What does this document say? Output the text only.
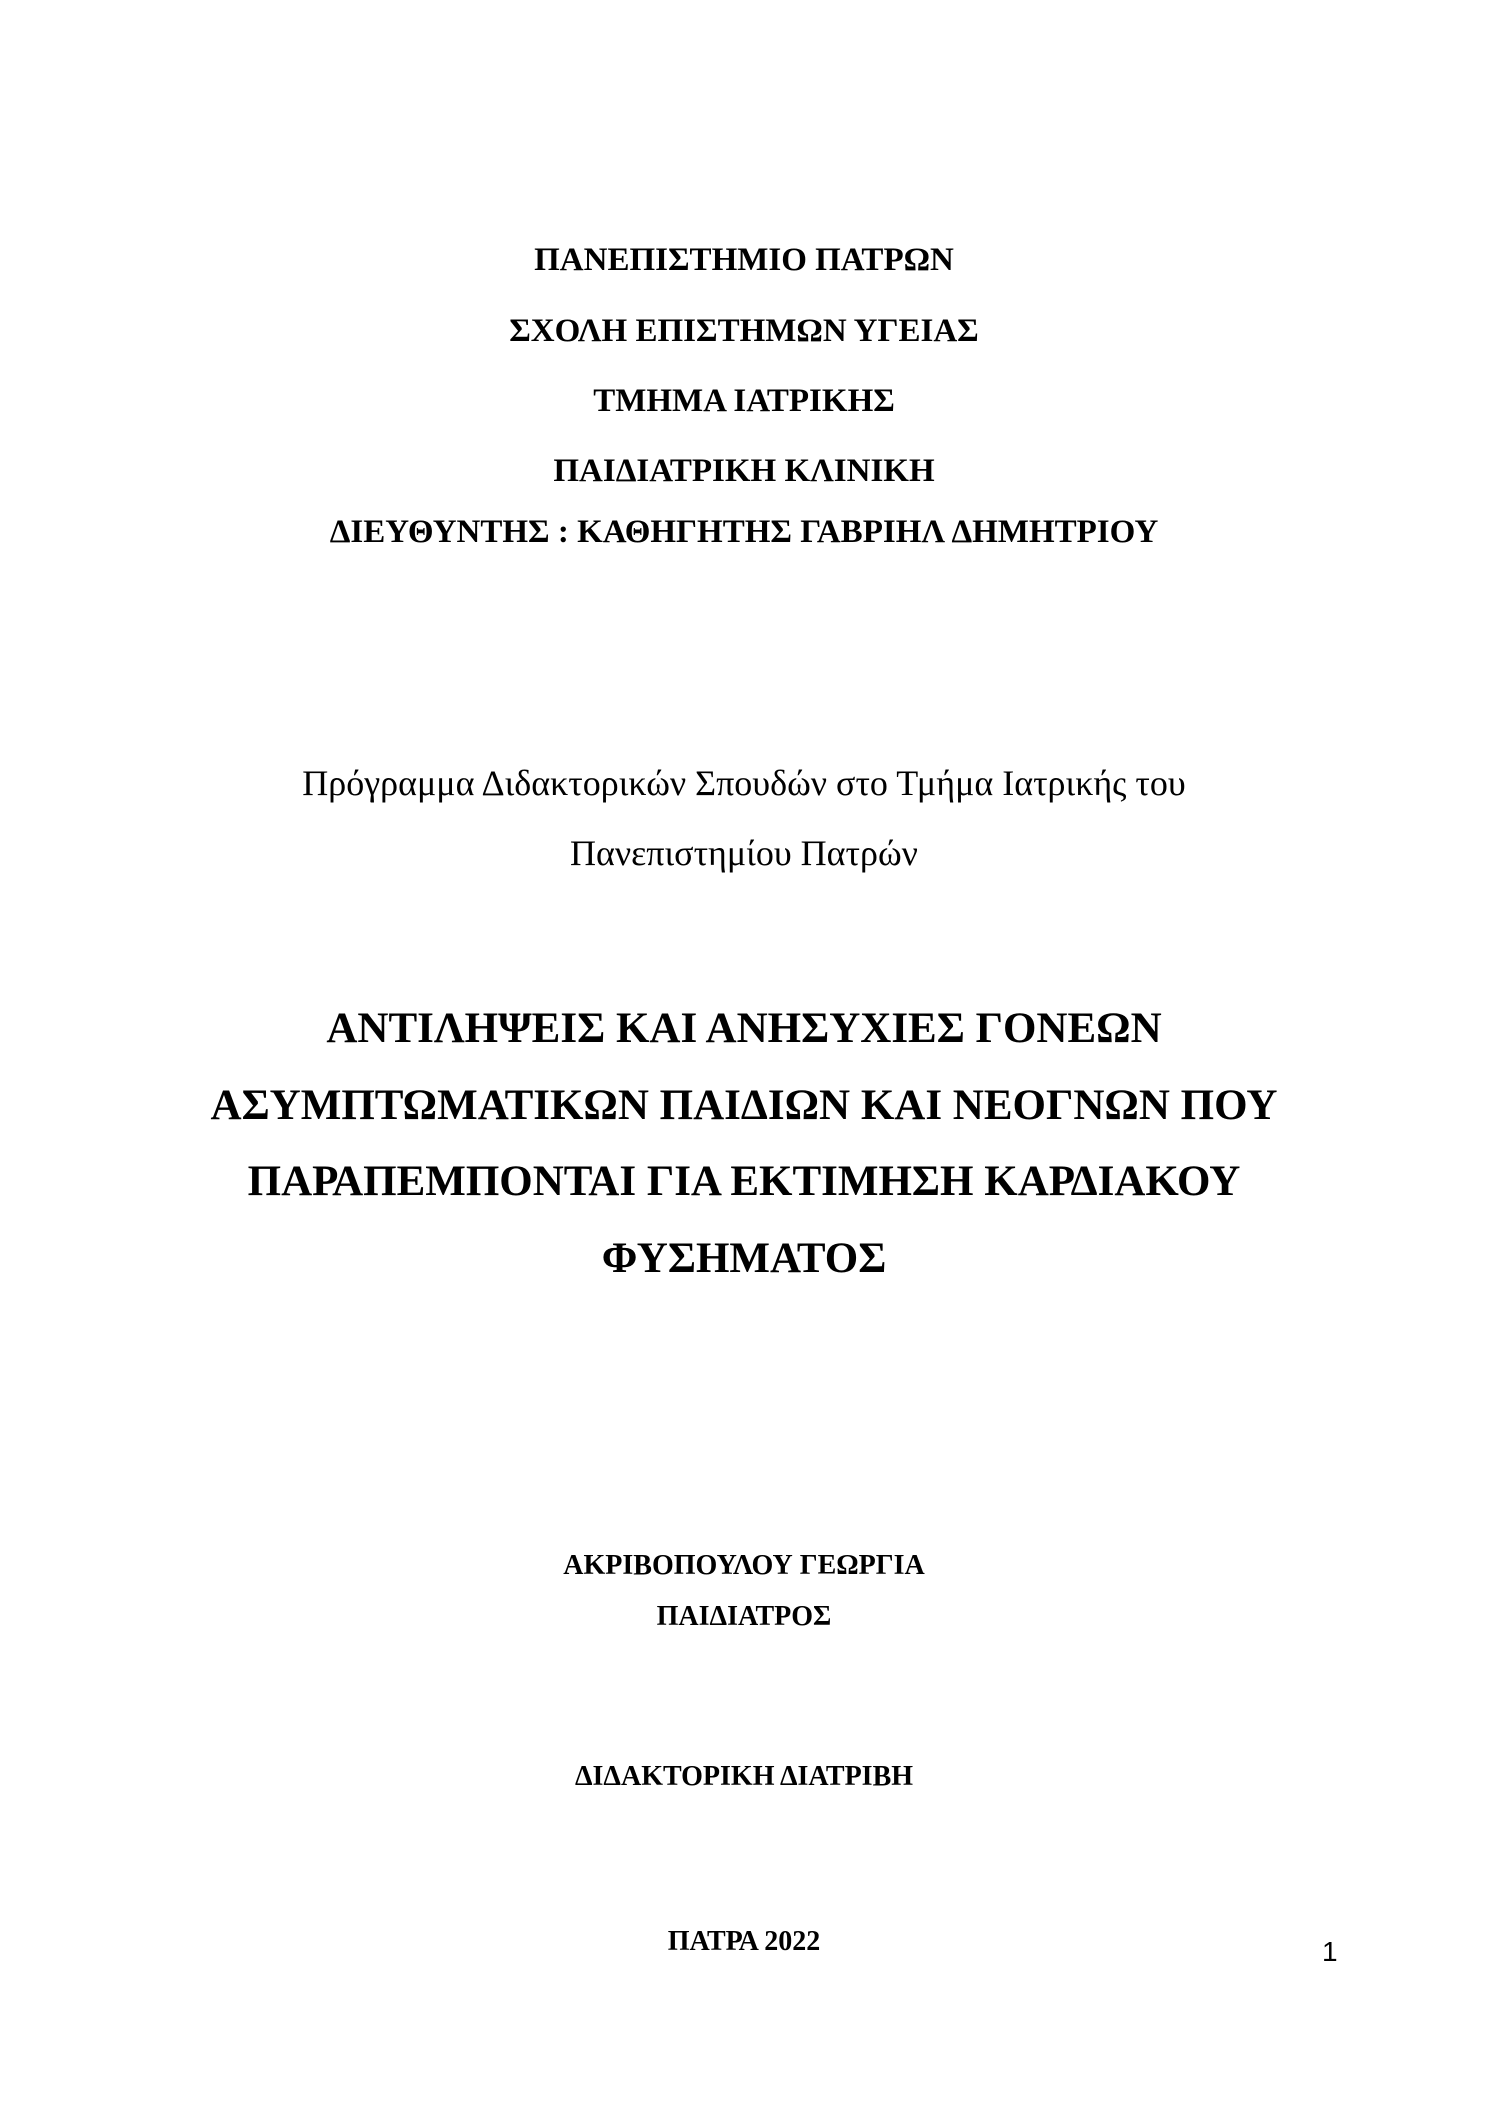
ΠΑΝΕΠΙΣΤΗΜΙΟ ΠΑΤΡΩΝ
ΣΧΟΛΗ ΕΠΙΣΤΗΜΩΝ ΥΓΕΙΑΣ
ΤΜΗΜΑ ΙΑΤΡΙΚΗΣ
ΠΑΙΔΙΑΤΡΙΚΗ ΚΛΙΝΙΚΗ
ΔΙΕΥΘΥΝΤΗΣ : ΚΑΘΗΓΗΤΗΣ ΓΑΒΡΙΗΛ ΔΗΜΗΤΡΙΟΥ
Πρόγραμμα Διδακτορικών Σπουδών στο Τμήμα Ιατρικής του
Πανεπιστημίου Πατρών
ΑΝΤΙΛΗΨΕΙΣ ΚΑΙ ΑΝΗΣΥΧΙΕΣ ΓΟΝΕΩΝ
ΑΣΥΜΠΤΩΜΑΤΙΚΩΝ ΠΑΙΔΙΩΝ ΚΑΙ ΝΕΟΓΝΩΝ ΠΟΥ
ΠΑΡΑΠΕΜΠΟΝΤΑΙ ΓΙΑ ΕΚΤΙΜΗΣΗ ΚΑΡΔΙΑΚΟΥ
ΦΥΣΗΜΑΤΟΣ
ΑΚΡΙΒΟΠΟΥΛΟΥ ΓΕΩΡΓΙΑ
ΠΑΙΔΙΑΤΡΟΣ
ΔΙΔΑΚΤΟΡΙΚΗ ΔΙΑΤΡΙΒΗ
ΠΑΤΡΑ 2022	1
